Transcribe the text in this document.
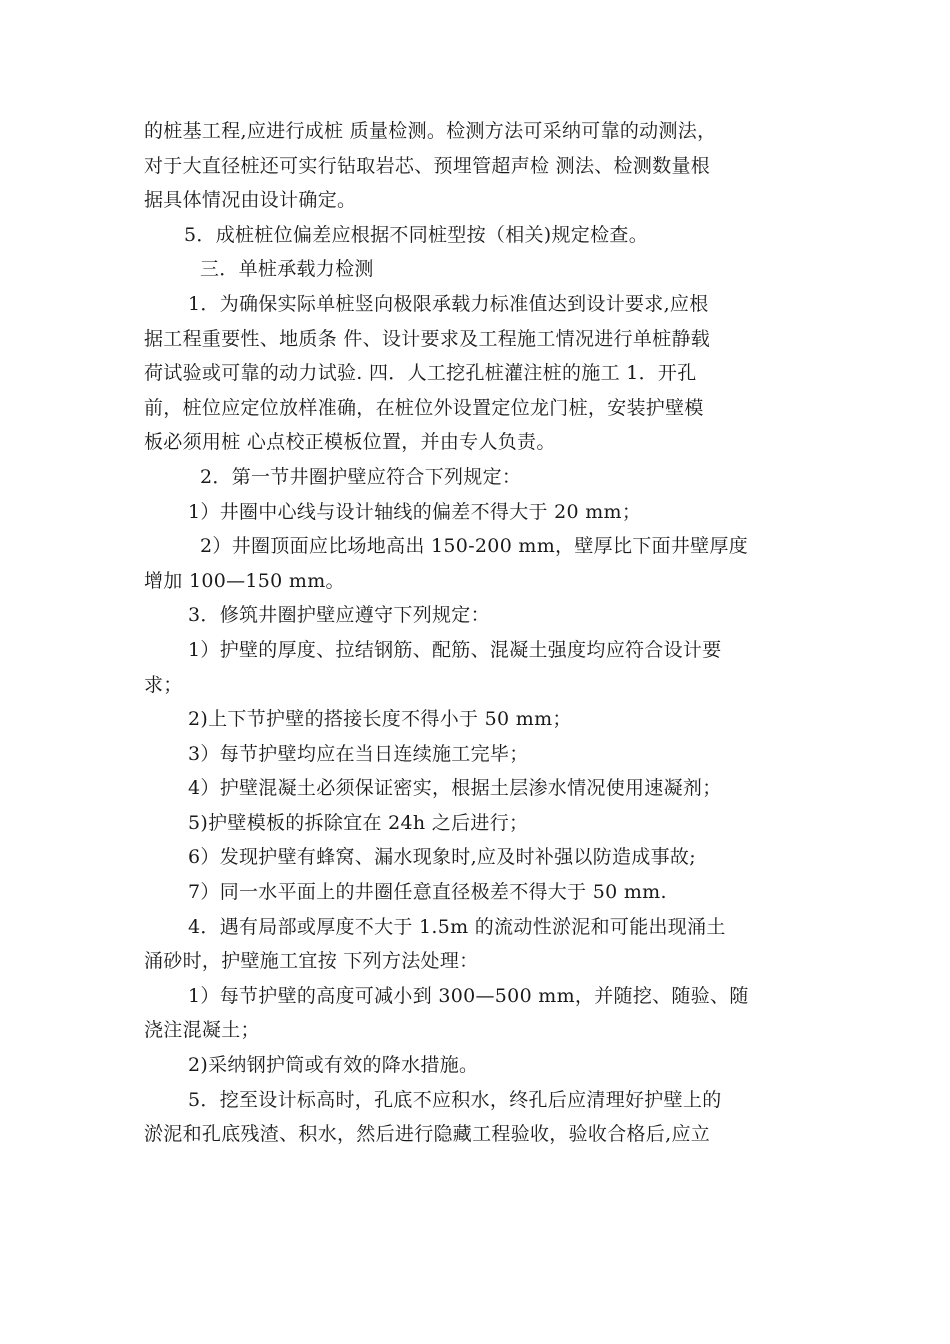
的桩基工程,应进行成桩 质量检测。检测方法可采纳可靠的动测法，
对于大直径桩还可实行钻取岩芯、预埋管超声检 测法、检测数量根
据具体情况由设计确定。
5．成桩桩位偏差应根据不同桩型按（相关)规定检查。
三．单桩承载力检测
1．为确保实际单桩竖向极限承载力标准值达到设计要求,应根
据工程重要性、地质条 件、设计要求及工程施工情况进行单桩静载
荷试验或可靠的动力试验. 四．人工挖孔桩灌注桩的施工 1．开孔
前，桩位应定位放样准确，在桩位外设置定位龙门桩，安装护壁模
板必须用桩 心点校正模板位置，并由专人负责。
2．第一节井圈护壁应符合下列规定：
1）井圈中心线与设计轴线的偏差不得大于 20 mm；
2）井圈顶面应比场地高出 150-200 mm，壁厚比下面井壁厚度
增加 100—150 mm。
3．修筑井圈护壁应遵守下列规定：
1）护壁的厚度、拉结钢筋、配筋、混凝土强度均应符合设计要
求；
2)上下节护壁的搭接长度不得小于 50 mm；
3）每节护壁均应在当日连续施工完毕；
4）护壁混凝土必须保证密实，根据土层渗水情况使用速凝剂；
5)护壁模板的拆除宜在 24h 之后进行；
6）发现护壁有蜂窝、漏水现象时,应及时补强以防造成事故;
7）同一水平面上的井圈任意直径极差不得大于 50 mm.
4．遇有局部或厚度不大于 1.5m 的流动性淤泥和可能出现涌土
涌砂时，护壁施工宜按 下列方法处理：
1）每节护壁的高度可减小到 300—500 mm，并随挖、随验、随
浇注混凝土；
2)采纳钢护筒或有效的降水措施。
5．挖至设计标高时，孔底不应积水，终孔后应清理好护壁上的
淤泥和孔底残渣、积水，然后进行隐藏工程验收，验收合格后,应立
